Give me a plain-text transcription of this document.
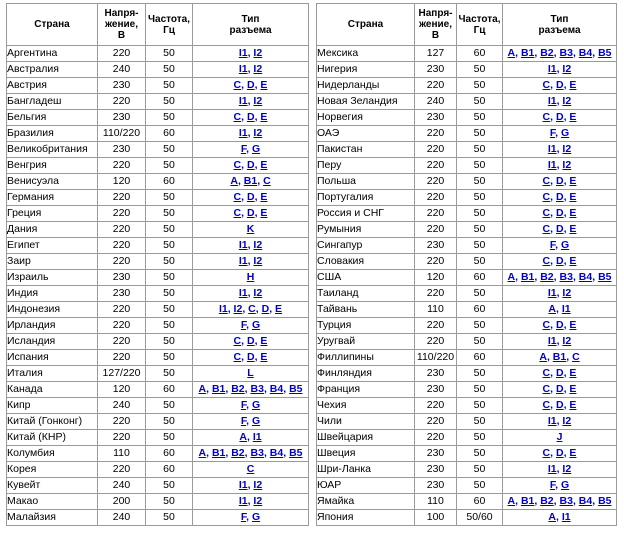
Страна	Напря-
жение,
В	Частота,
Гц	Тип
разъема
Аргентина	220	50	I1, I2
Австралия	240	50	I1, I2
Австрия	230	50	C, D, E
Бангладеш	220	50	I1, I2
Бельгия	230	50	C, D, E
Бразилия	110/220	60	I1, I2
Великобритания	230	50	F, G
Венгрия	220	50	C, D, E
Венисуэла	120	60	A, B1, C
Германия	220	50	C, D, E
Греция	220	50	C, D, E
Дания	220	50	K
Египет	220	50	I1, I2
Заир	220	50	I1, I2
Израиль	230	50	H
Индия	230	50	I1, I2
Индонезия	220	50	I1, I2, C, D, E
Ирландия	220	50	F, G
Исландия	220	50	C, D, E
Испания	220	50	C, D, E
Италия	127/220	50	L
Канада	120	60	A, B1, B2, B3, B4, B5
Кипр	240	50	F, G
Китай (Гонконг)	220	50	F, G
Китай (КНР)	220	50	A, I1
Колумбия	110	60	A, B1, B2, B3, B4, B5
Корея	220	60	C
Кувейт	240	50	I1, I2
Макао	200	50	I1, I2
Малайзия	240	50	F, G
Страна	Напря-
жение,
В	Частота,
Гц	Тип
разъема
Мексика	127	60	A, B1, B2, B3, B4, B5
Нигерия	230	50	I1, I2
Нидерланды	220	50	C, D, E
Новая Зеландия	240	50	I1, I2
Норвегия	230	50	C, D, E
ОАЭ	220	50	F, G
Пакистан	220	50	I1, I2
Перу	220	50	I1, I2
Польша	220	50	C, D, E
Португалия	220	50	C, D, E
Россия и СНГ	220	50	C, D, E
Румыния	220	50	C, D, E
Сингапур	230	50	F, G
Словакия	220	50	C, D, E
США	120	60	A, B1, B2, B3, B4, B5
Таиланд	220	50	I1, I2
Тайвань	110	60	A, I1
Турция	220	50	C, D, E
Уругвай	220	50	I1, I2
Филлипины	110/220	60	A, B1, C
Финляндия	230	50	C, D, E
Франция	230	50	C, D, E
Чехия	220	50	C, D, E
Чили	220	50	I1, I2
Швейцария	220	50	J
Швеция	230	50	C, D, E
Шри-Ланка	230	50	I1, I2
ЮАР	230	50	F, G
Ямайка	110	60	A, B1, B2, B3, B4, B5
Япония	100	50/60	A, I1
